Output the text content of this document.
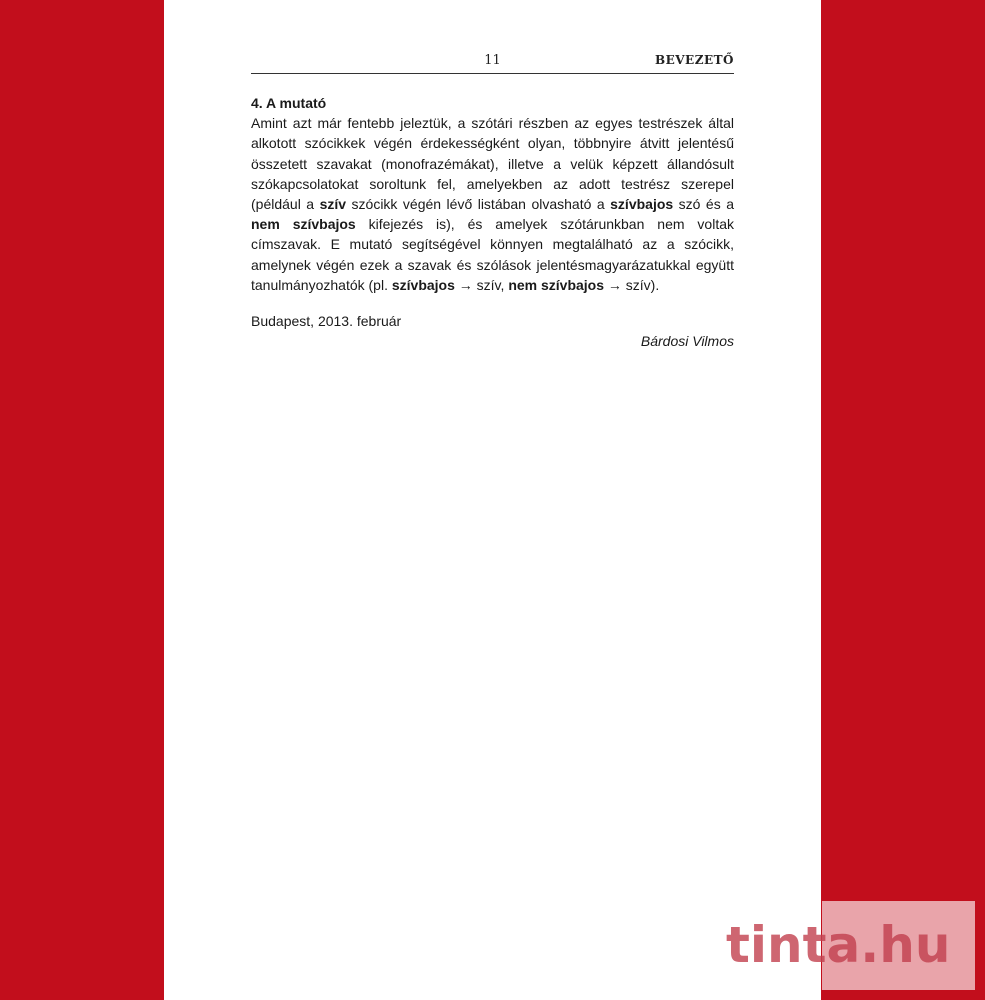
11	BEVEZETŐ

4. A mutató

Amint azt már fentebb jeleztük, a szótári részben az egyes testrészek által alkotott szócikkek végén érdekességként olyan, többnyire átvitt jelentésű összetett szavakat (monofrazémákat), illetve a velük képzett állandósult szókapcsolatokat soroltunk fel, amelyekben az adott testrész szerepel (például a szív szócikk végén lévő listában olvasható a szívbajos szó és a nem szívbajos kifejezés is), és amelyek szótárunkban nem voltak címszavak. E mutató segítségével könnyen megtalálható az a szócikk, amelynek végén ezek a szavak és szólások jelentésmagyarázatukkal együtt tanulmányozhatók (pl. szívbajos → szív, nem szívbajos → szív).

Budapest, 2013. február

Bárdosi Vilmos

tinta.hu
